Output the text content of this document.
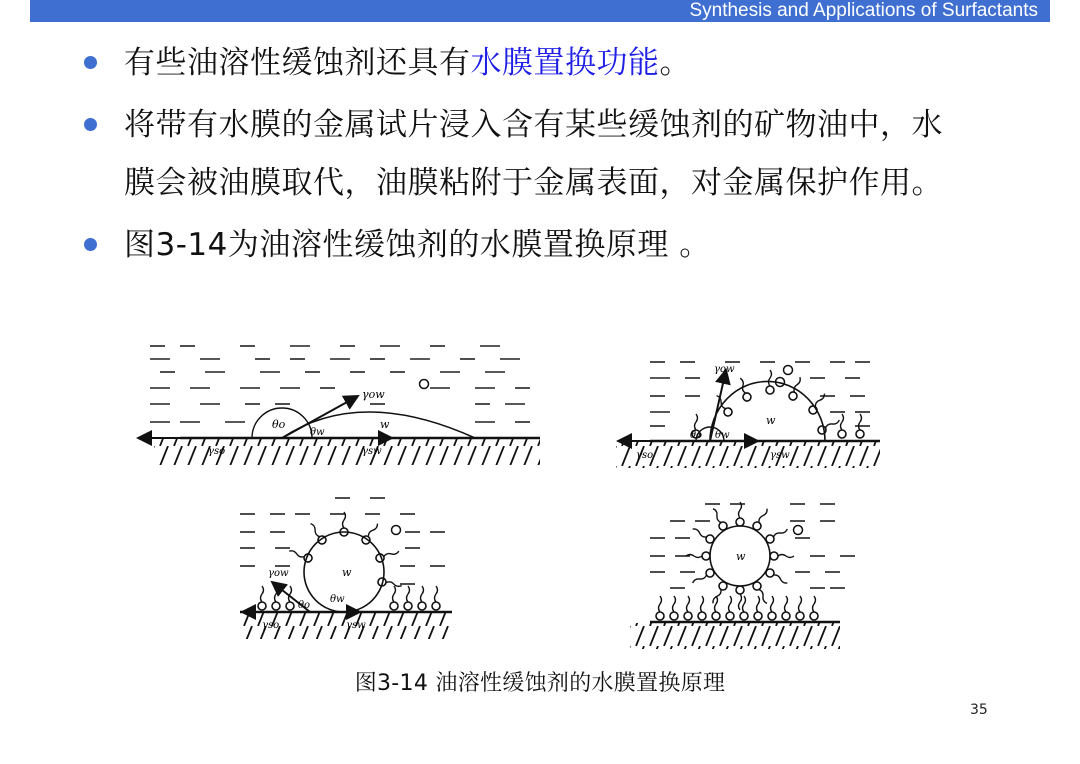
Synthesis and Applications of Surfactants
有些油溶性缓蚀剂还具有水膜置换功能。
将带有水膜的金属试片浸入含有某些缓蚀剂的矿物油中，水
膜会被油膜取代，油膜粘附于金属表面，对金属保护作用。
图3-14为油溶性缓蚀剂的水膜置换原理 。
γow
θo
θw
w
γso	γsw
γow
θo θw
w
γso	γsw
γow	w
θo
θw
γso	γsw
w
图3-14 油溶性缓蚀剂的水膜置换原理
35
